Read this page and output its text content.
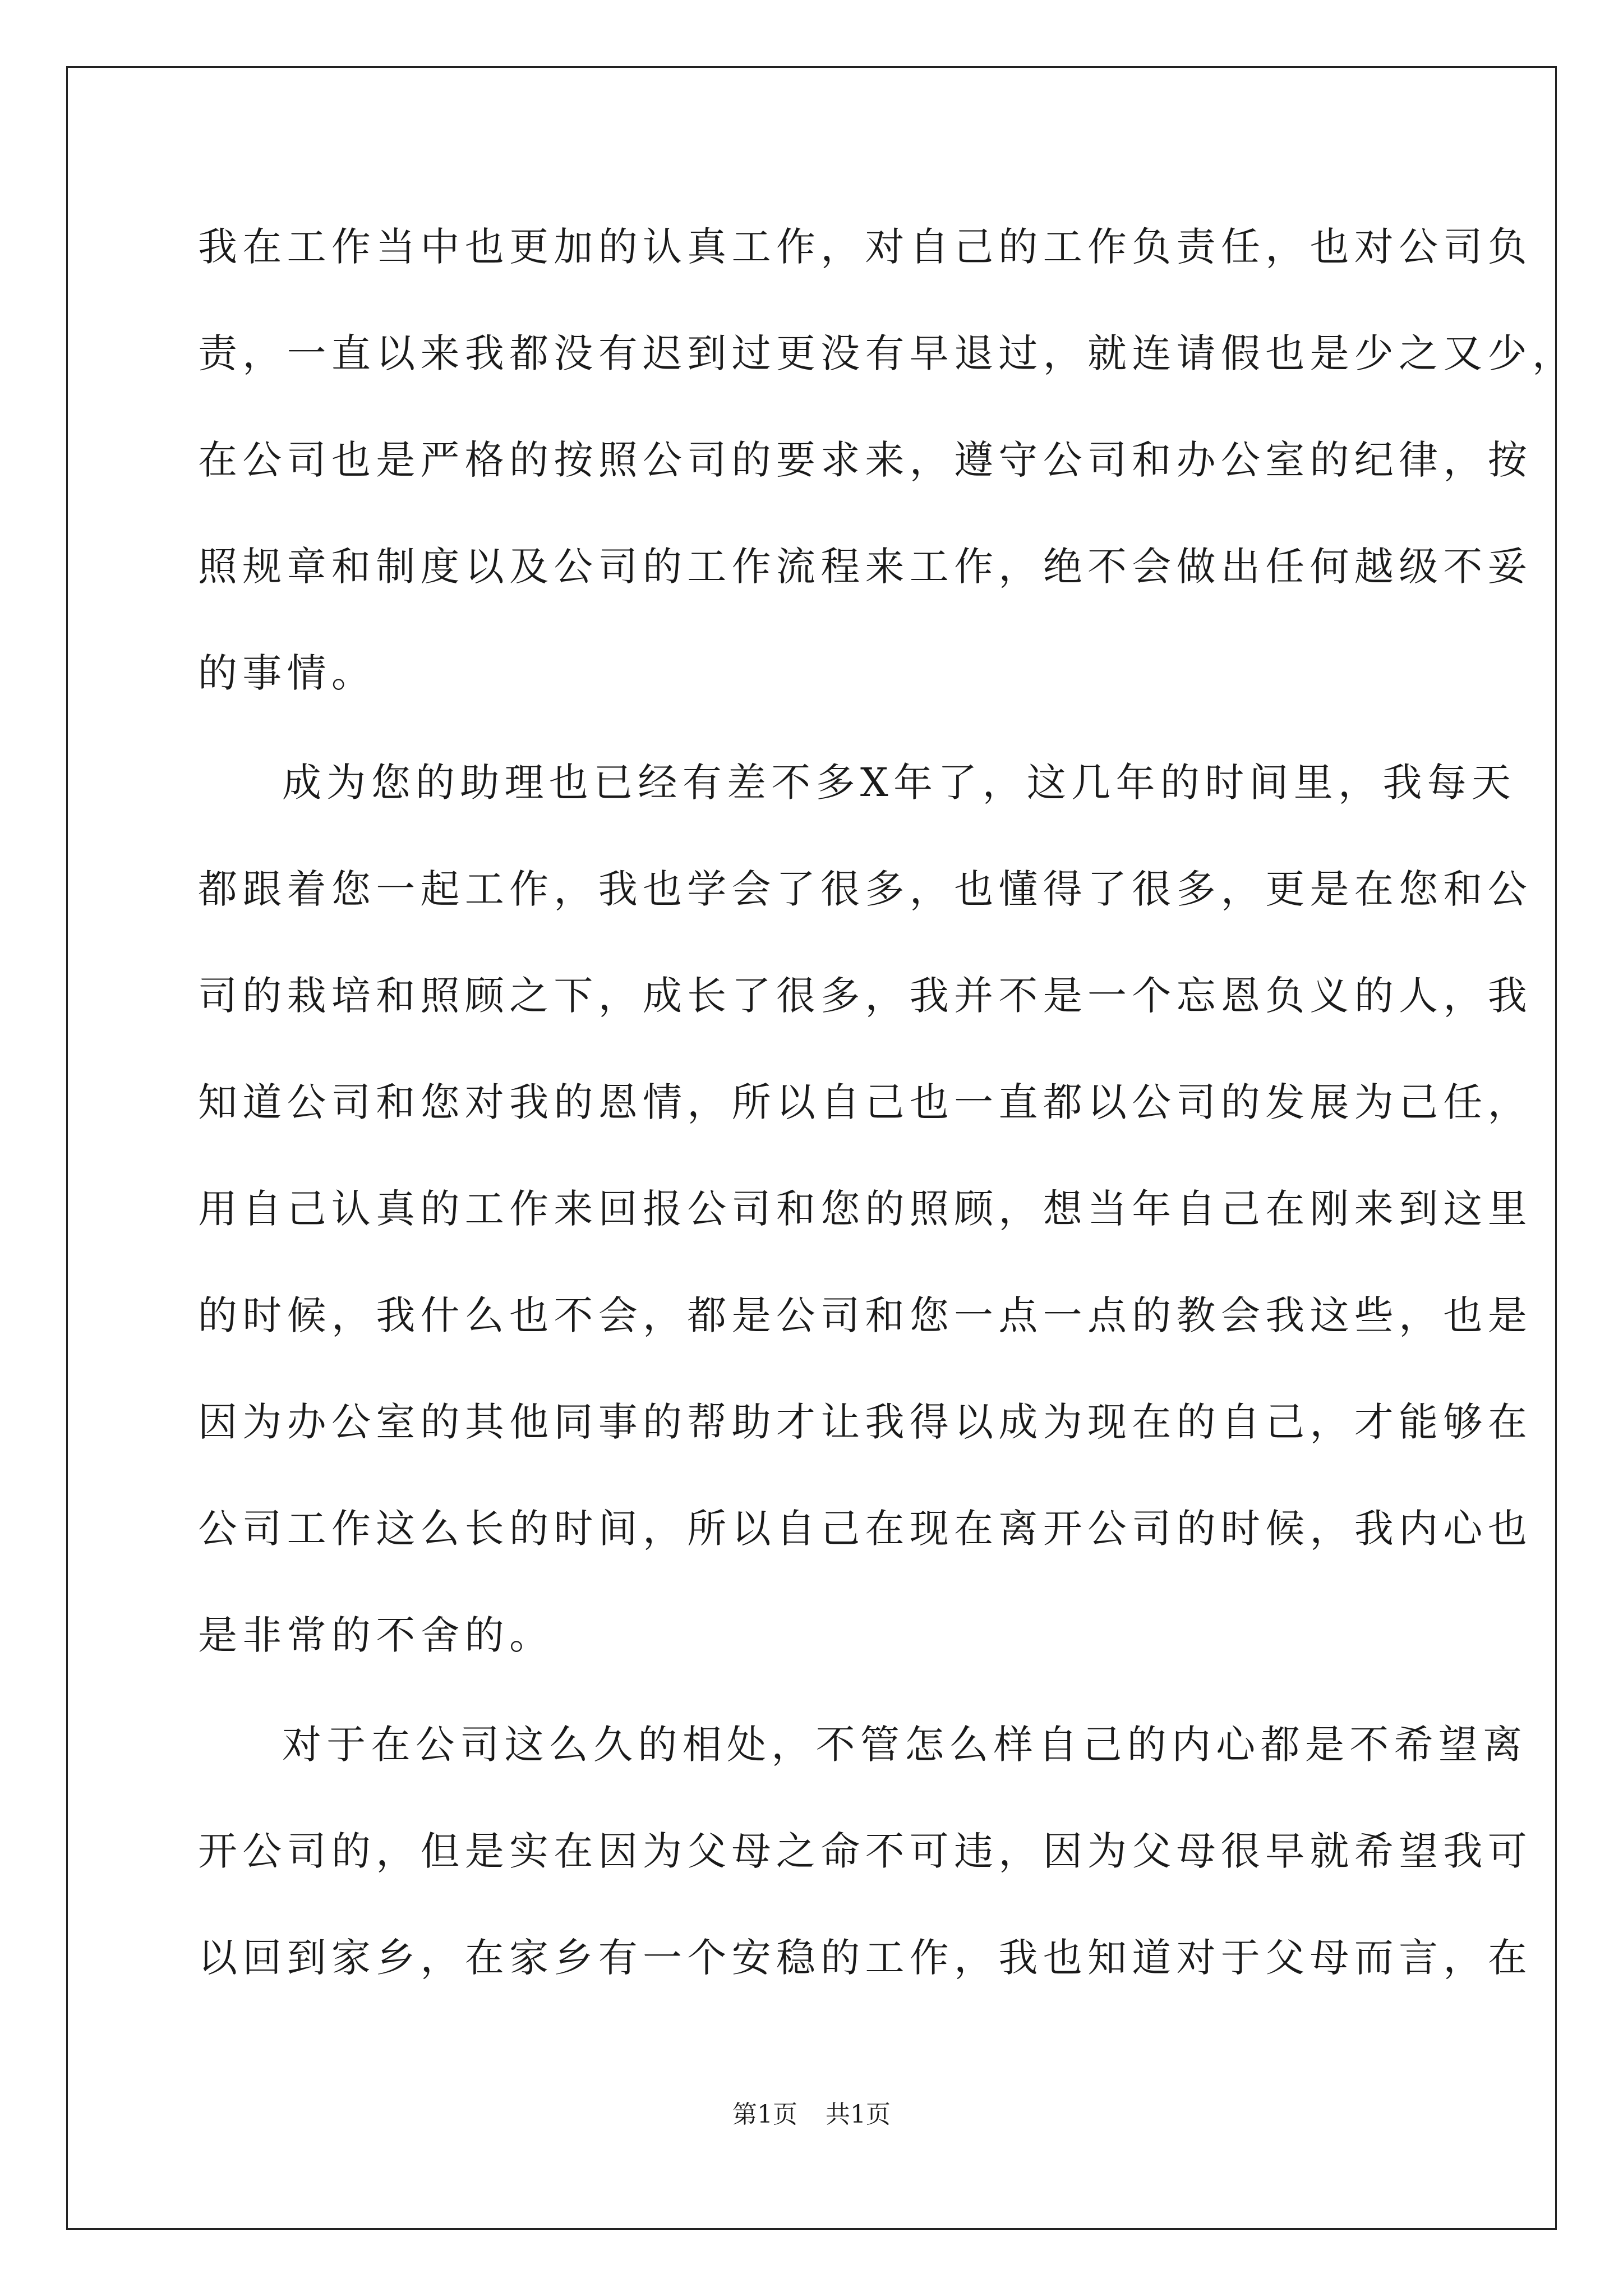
我在工作当中也更加的认真工作，对自己的工作负责任，也对公司负
责，一直以来我都没有迟到过更没有早退过，就连请假也是少之又少，
在公司也是严格的按照公司的要求来，遵守公司和办公室的纪律，按
照规章和制度以及公司的工作流程来工作，绝不会做出任何越级不妥
的事情。
成为您的助理也已经有差不多X年了，这几年的时间里，我每天
都跟着您一起工作，我也学会了很多，也懂得了很多，更是在您和公
司的栽培和照顾之下，成长了很多，我并不是一个忘恩负义的人，我
知道公司和您对我的恩情，所以自己也一直都以公司的发展为己任，
用自己认真的工作来回报公司和您的照顾，想当年自己在刚来到这里
的时候，我什么也不会，都是公司和您一点一点的教会我这些，也是
因为办公室的其他同事的帮助才让我得以成为现在的自己，才能够在
公司工作这么长的时间，所以自己在现在离开公司的时候，我内心也
是非常的不舍的。
对于在公司这么久的相处，不管怎么样自己的内心都是不希望离
开公司的，但是实在因为父母之命不可违，因为父母很早就希望我可
以回到家乡，在家乡有一个安稳的工作，我也知道对于父母而言，在
第1页 共1页
